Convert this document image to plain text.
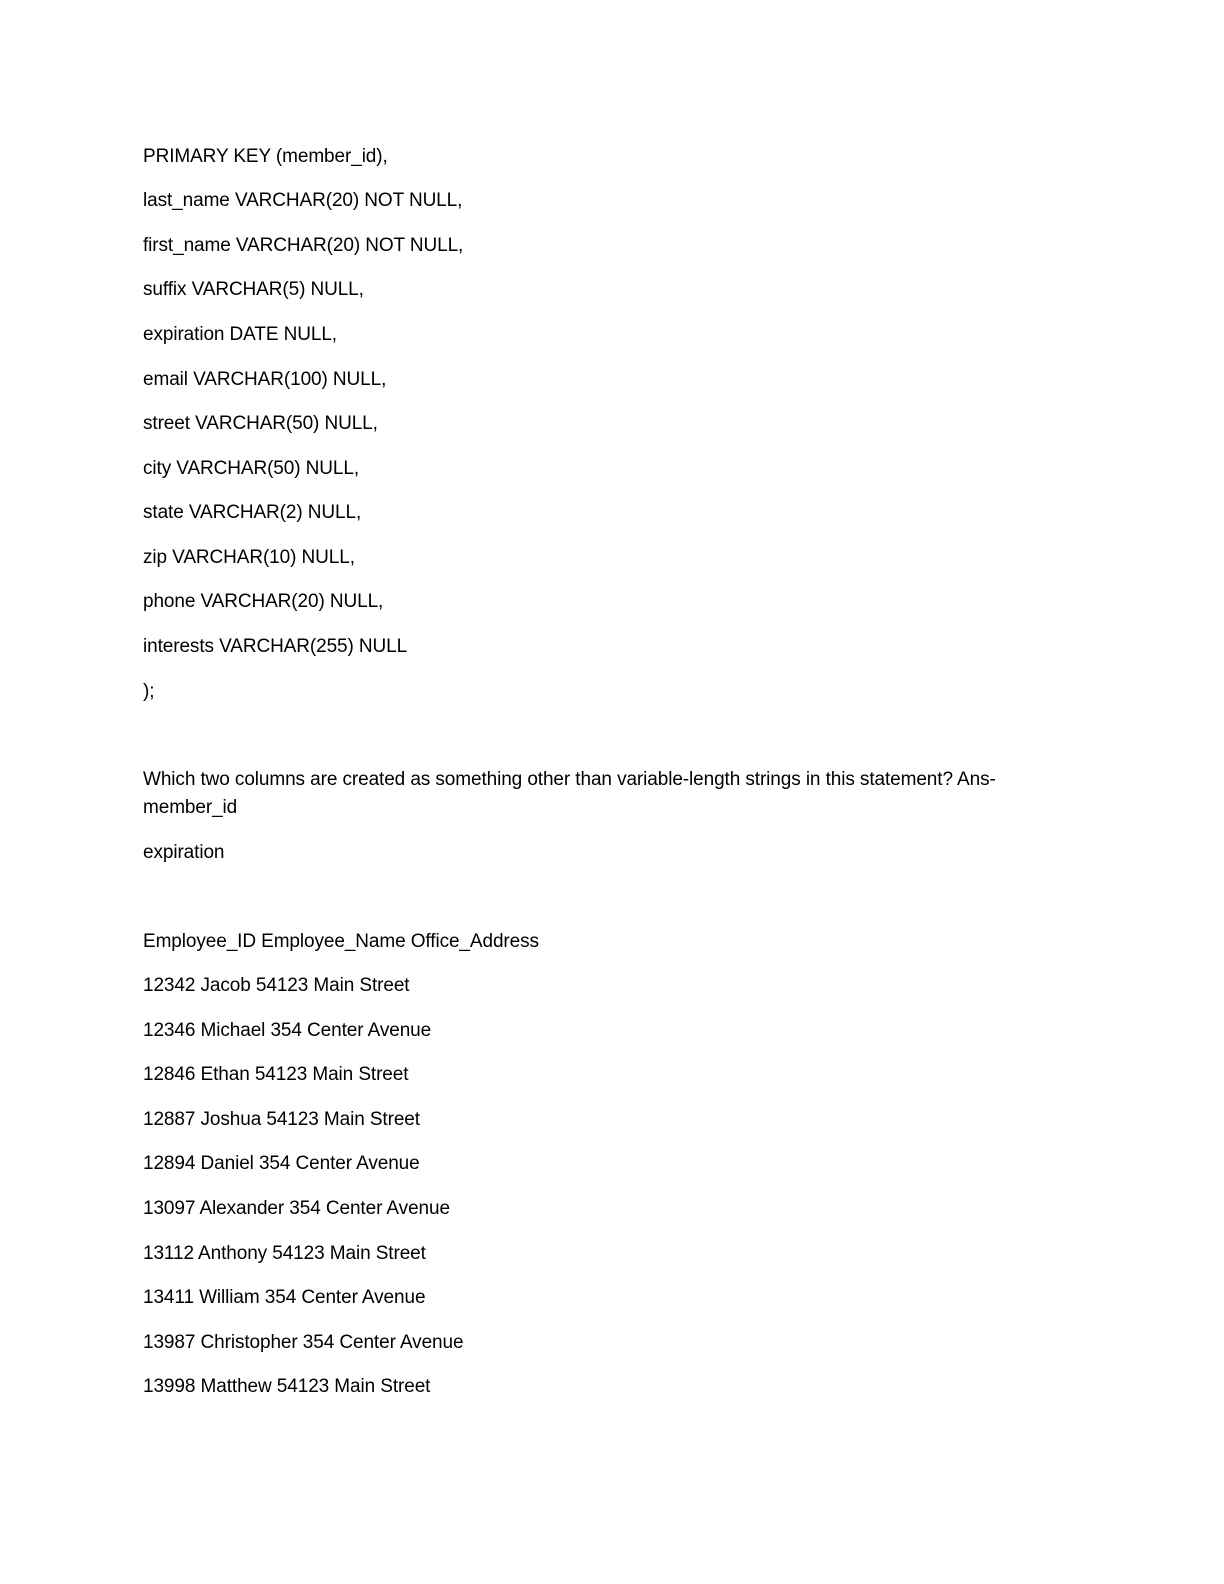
PRIMARY KEY (member_id),
last_name VARCHAR(20) NOT NULL,
first_name VARCHAR(20) NOT NULL,
suffix VARCHAR(5) NULL,
expiration DATE NULL,
email VARCHAR(100) NULL,
street VARCHAR(50) NULL,
city VARCHAR(50) NULL,
state VARCHAR(2) NULL,
zip VARCHAR(10) NULL,
phone VARCHAR(20) NULL,
interests VARCHAR(255) NULL
);
Which two columns are created as something other than variable-length strings in this statement? Ans-
member_id
expiration
Employee_ID Employee_Name Office_Address
12342 Jacob 54123 Main Street
12346 Michael 354 Center Avenue
12846 Ethan 54123 Main Street
12887 Joshua 54123 Main Street
12894 Daniel 354 Center Avenue
13097 Alexander 354 Center Avenue
13112 Anthony 54123 Main Street
13411 William 354 Center Avenue
13987 Christopher 354 Center Avenue
13998 Matthew 54123 Main Street
